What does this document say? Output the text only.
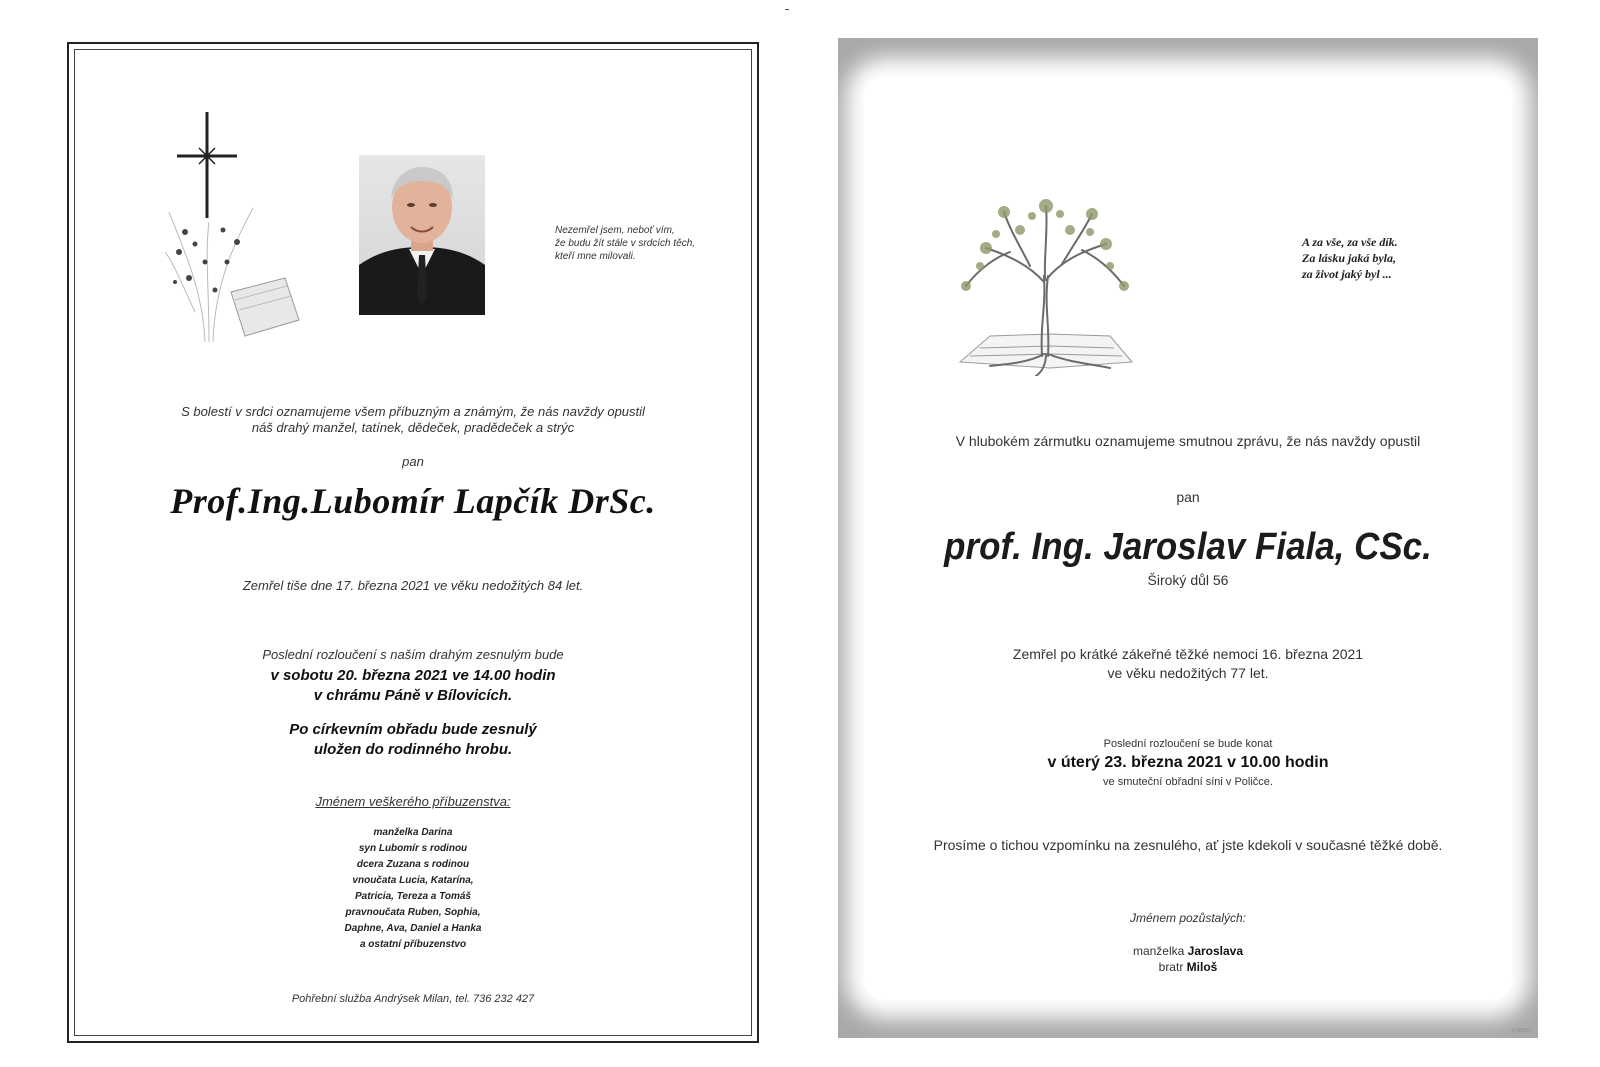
Nezemřel jsem, neboť vím,
že budu žít stále v srdcích těch,
kteří mne milovali.
S bolestí v srdci oznamujeme všem příbuzným a známým, že nás navždy opustil
náš drahý manžel, tatínek, dědeček, pradědeček a strýc
pan
Prof.Ing.Lubomír Lapčík DrSc.
Zemřel tiše dne 17. března 2021 ve věku nedožitých 84 let.
Poslední rozloučení s naším drahým zesnulým bude
v sobotu 20. března 2021 ve 14.00 hodin
v chrámu Páně v Bílovicích.
Po církevním obřadu bude zesnulý
uložen do rodinného hrobu.
Jménem veškerého příbuzenstva:
manželka Darina
syn Lubomír s rodinou
dcera Zuzana s rodinou
vnoučata Lucia, Katarína,
Patricia, Tereza a Tomáš
pravnoučata Ruben, Sophia,
Daphne, Ava, Daniel a Hanka
a ostatní příbuzenstvo
Pohřební služba Andrýsek Milan, tel. 736 232 427
A za vše, za vše dík.
Za lásku jaká byla,
za život jaký byl ...
V hlubokém zármutku oznamujeme smutnou zprávu, že nás navždy opustil
pan
prof. Ing. Jaroslav Fiala, CSc.
Široký důl 56
Zemřel po krátké zákeřné těžké nemoci 16. března 2021
ve věku nedožitých 77 let.
Poslední rozloučení se bude konat
v úterý 23. března 2021 v 10.00 hodin
ve smuteční obřadní síni v Poličce.
Prosíme o tichou vzpomínku na zesnulého, ať jste kdekoli v současné těžké době.
Jménem pozůstalých:
manželka Jaroslava
bratr Miloš
© WOST
